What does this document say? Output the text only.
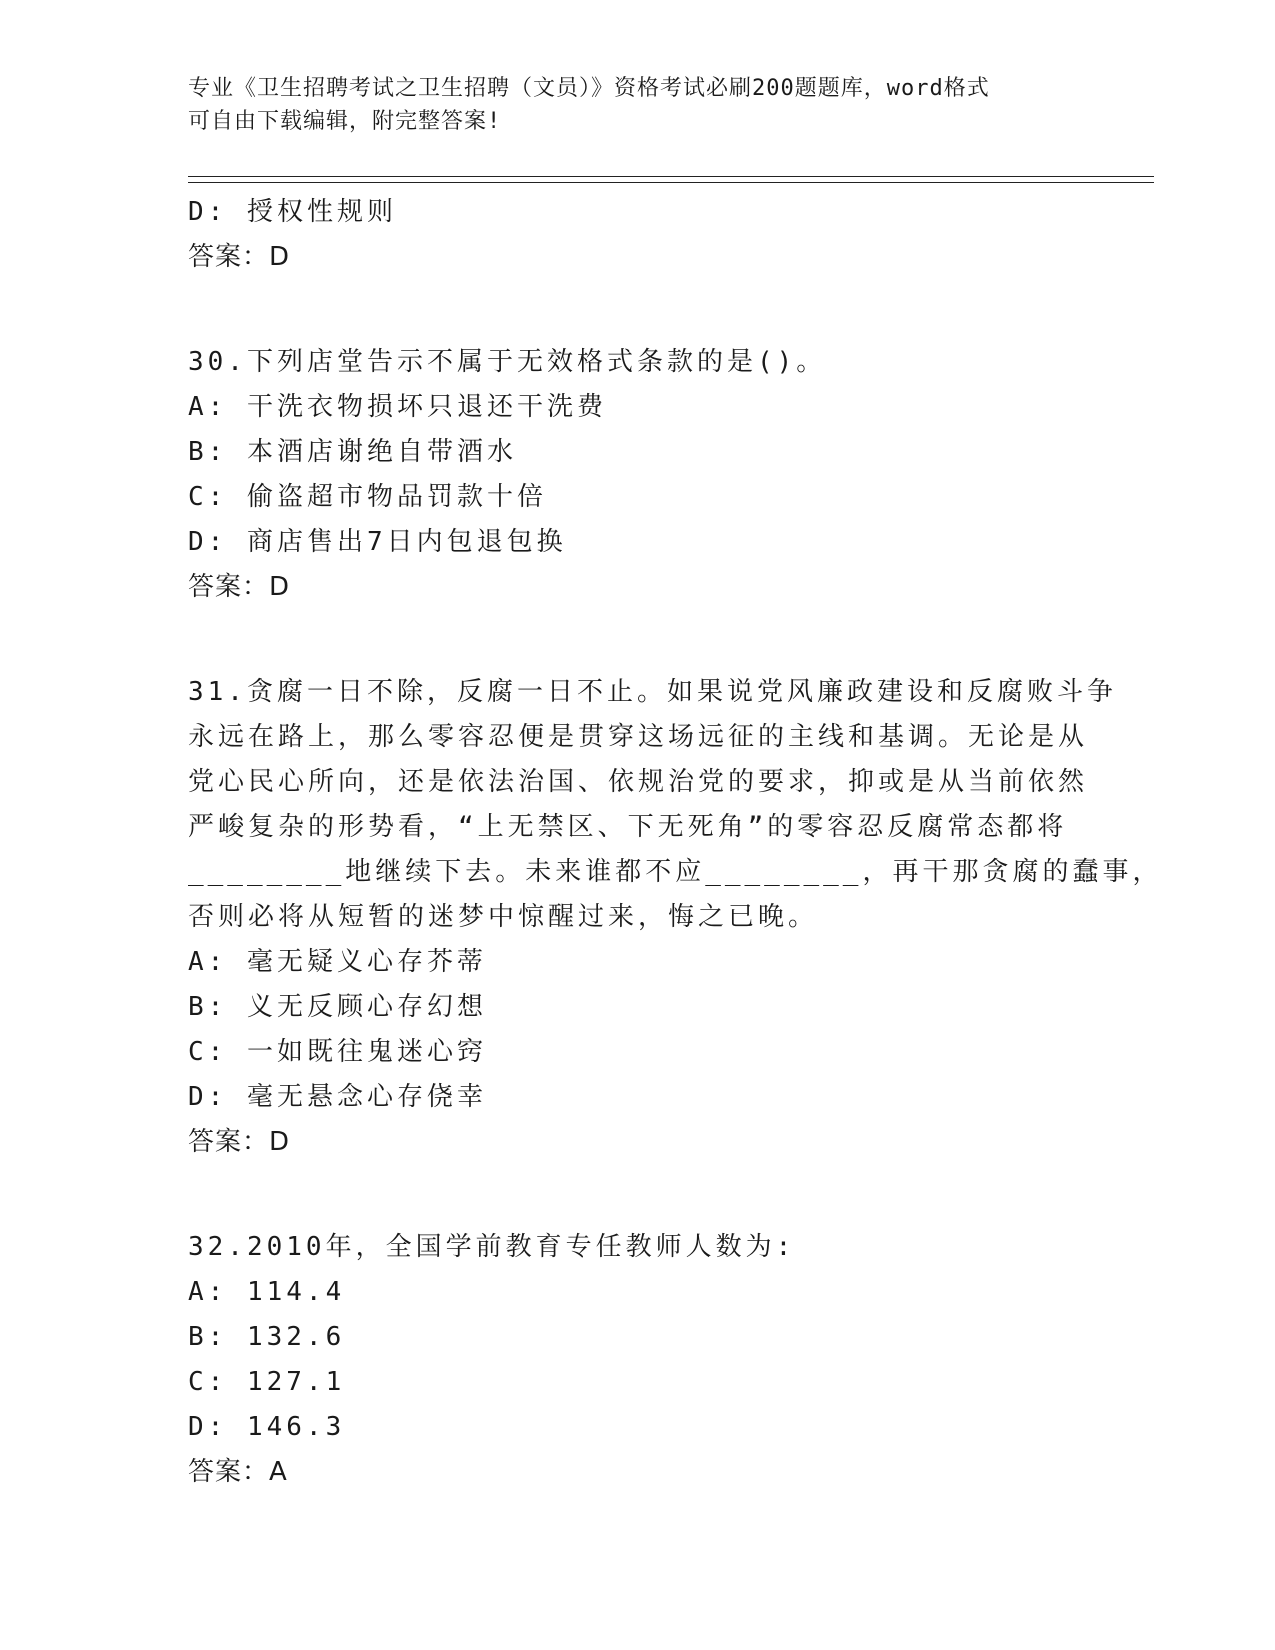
专业《卫生招聘考试之卫生招聘（文员）》资格考试必刷200题题库，word格式
可自由下载编辑，附完整答案!
D: 授权性规则
答案：D
30.下列店堂告示不属于无效格式条款的是()。
A: 干洗衣物损坏只退还干洗费
B: 本酒店谢绝自带酒水
C: 偷盗超市物品罚款十倍
D: 商店售出7日内包退包换
答案：D
31.贪腐一日不除，反腐一日不止。如果说党风廉政建设和反腐败斗争
永远在路上，那么零容忍便是贯穿这场远征的主线和基调。无论是从
党心民心所向，还是依法治国、依规治党的要求，抑或是从当前依然
严峻复杂的形势看，“上无禁区、下无死角”的零容忍反腐常态都将
________地继续下去。未来谁都不应________，再干那贪腐的蠢事，
否则必将从短暂的迷梦中惊醒过来，悔之已晚。
A: 毫无疑义心存芥蒂
B: 义无反顾心存幻想
C: 一如既往鬼迷心窍
D: 毫无悬念心存侥幸
答案：D
32.2010年，全国学前教育专任教师人数为:
A: 114.4
B: 132.6
C: 127.1
D: 146.3
答案：A
